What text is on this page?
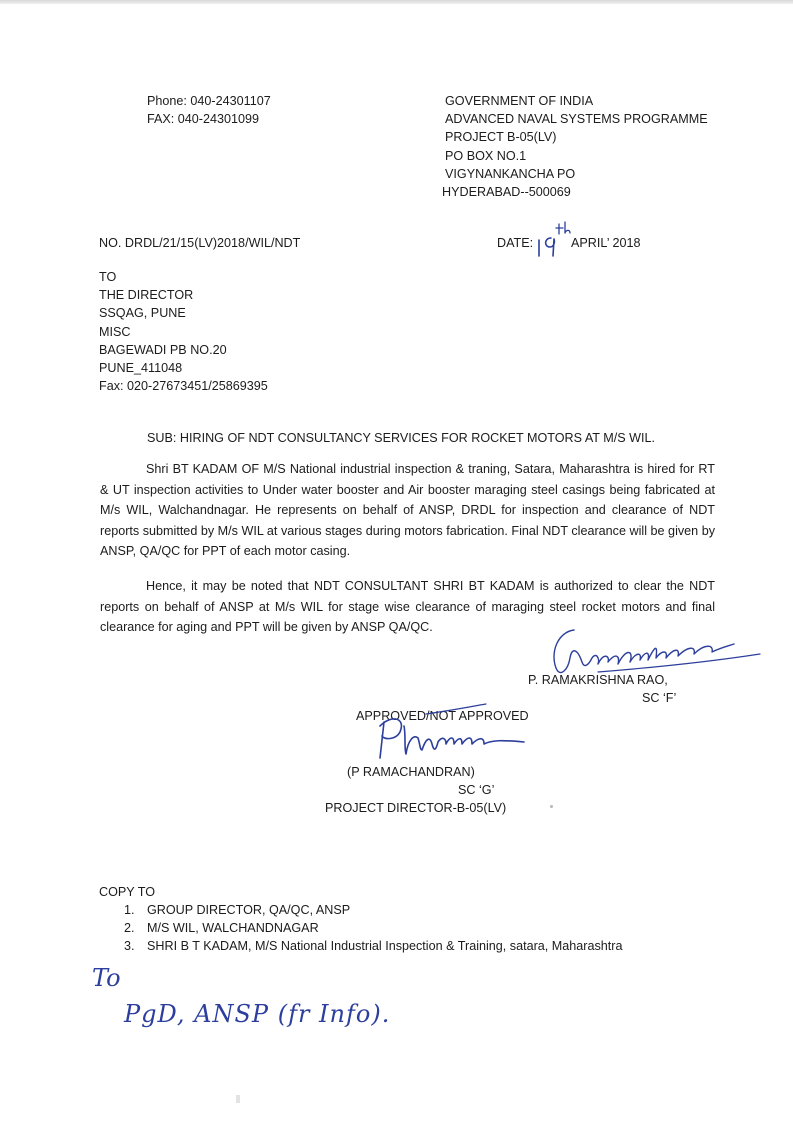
Phone: 040-24301107
FAX: 040-24301099
GOVERNMENT OF INDIA
ADVANCED NAVAL SYSTEMS PROGRAMME
PROJECT B-05(LV)
PO BOX NO.1
VIGYNANKANCHA PO
HYDERABAD--500069
NO. DRDL/21/15(LV)2018/WIL/NDT	DATE:	APRIL’ 2018
TO
THE DIRECTOR
SSQAG, PUNE
MISC
BAGEWADI PB NO.20
PUNE_411048
Fax: 020-27673451/25869395
SUB: HIRING OF NDT CONSULTANCY SERVICES FOR ROCKET MOTORS AT M/S WIL.

Shri BT KADAM OF M/S National industrial inspection & traning, Satara, Maharashtra is hired for RT & UT inspection activities to Under water booster and Air booster maraging steel casings being fabricated at M/s WIL, Walchandnagar. He represents on behalf of ANSP, DRDL for inspection and clearance of NDT reports submitted by M/s WIL at various stages during motors fabrication. Final NDT clearance will be given by ANSP, QA/QC for PPT of each motor casing.

Hence, it may be noted that NDT CONSULTANT SHRI BT KADAM is authorized to clear the NDT reports on behalf of ANSP at M/s WIL for stage wise clearance of maraging steel rocket motors and final clearance for aging and PPT will be given by ANSP QA/QC.

P. RAMAKRISHNA RAO,
SC ‘F’
APPROVED/NOT APPROVED
(P RAMACHANDRAN)
SC ‘G’
PROJECT DIRECTOR-B-05(LV)
COPY TO
1. GROUP DIRECTOR, QA/QC, ANSP
2. M/S WIL, WALCHANDNAGAR
3. SHRI B T KADAM, M/S National Industrial Inspection & Training, satara, Maharashtra
To
PgD, ANSP (fr Info).
